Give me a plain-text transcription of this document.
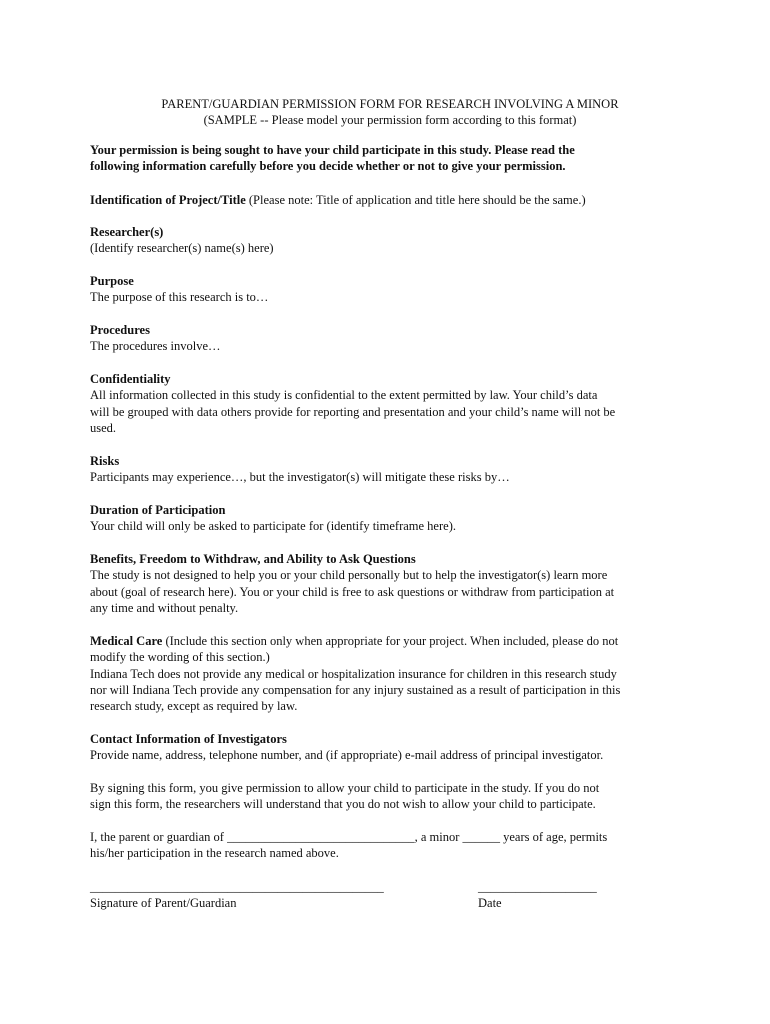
PARENT/GUARDIAN PERMISSION FORM FOR RESEARCH INVOLVING A MINOR
(SAMPLE -- Please model your permission form according to this format)
Your permission is being sought to have your child participate in this study. Please read the
following information carefully before you decide whether or not to give your permission.
Identification of Project/Title (Please note: Title of application and title here should be the same.)
Researcher(s)
(Identify researcher(s) name(s) here)
Purpose
The purpose of this research is to…
Procedures
The procedures involve…
Confidentiality
All information collected in this study is confidential to the extent permitted by law. Your child’s data
will be grouped with data others provide for reporting and presentation and your child’s name will not be
used.
Risks
Participants may experience…, but the investigator(s) will mitigate these risks by…
Duration of Participation
Your child will only be asked to participate for (identify timeframe here).
Benefits, Freedom to Withdraw, and Ability to Ask Questions
The study is not designed to help you or your child personally but to help the investigator(s) learn more
about (goal of research here). You or your child is free to ask questions or withdraw from participation at
any time and without penalty.
Medical Care (Include this section only when appropriate for your project. When included, please do not
modify the wording of this section.)
Indiana Tech does not provide any medical or hospitalization insurance for children in this research study
nor will Indiana Tech provide any compensation for any injury sustained as a result of participation in this
research study, except as required by law.
Contact Information of Investigators
Provide name, address, telephone number, and (if appropriate) e-mail address of principal investigator.
By signing this form, you give permission to allow your child to participate in the study. If you do not
sign this form, the researchers will understand that you do not wish to allow your child to participate.
I, the parent or guardian of ______________________________, a minor ______ years of age, permits
his/her participation in the research named above.
_______________________________________________
Signature of Parent/Guardian
___________________
Date
